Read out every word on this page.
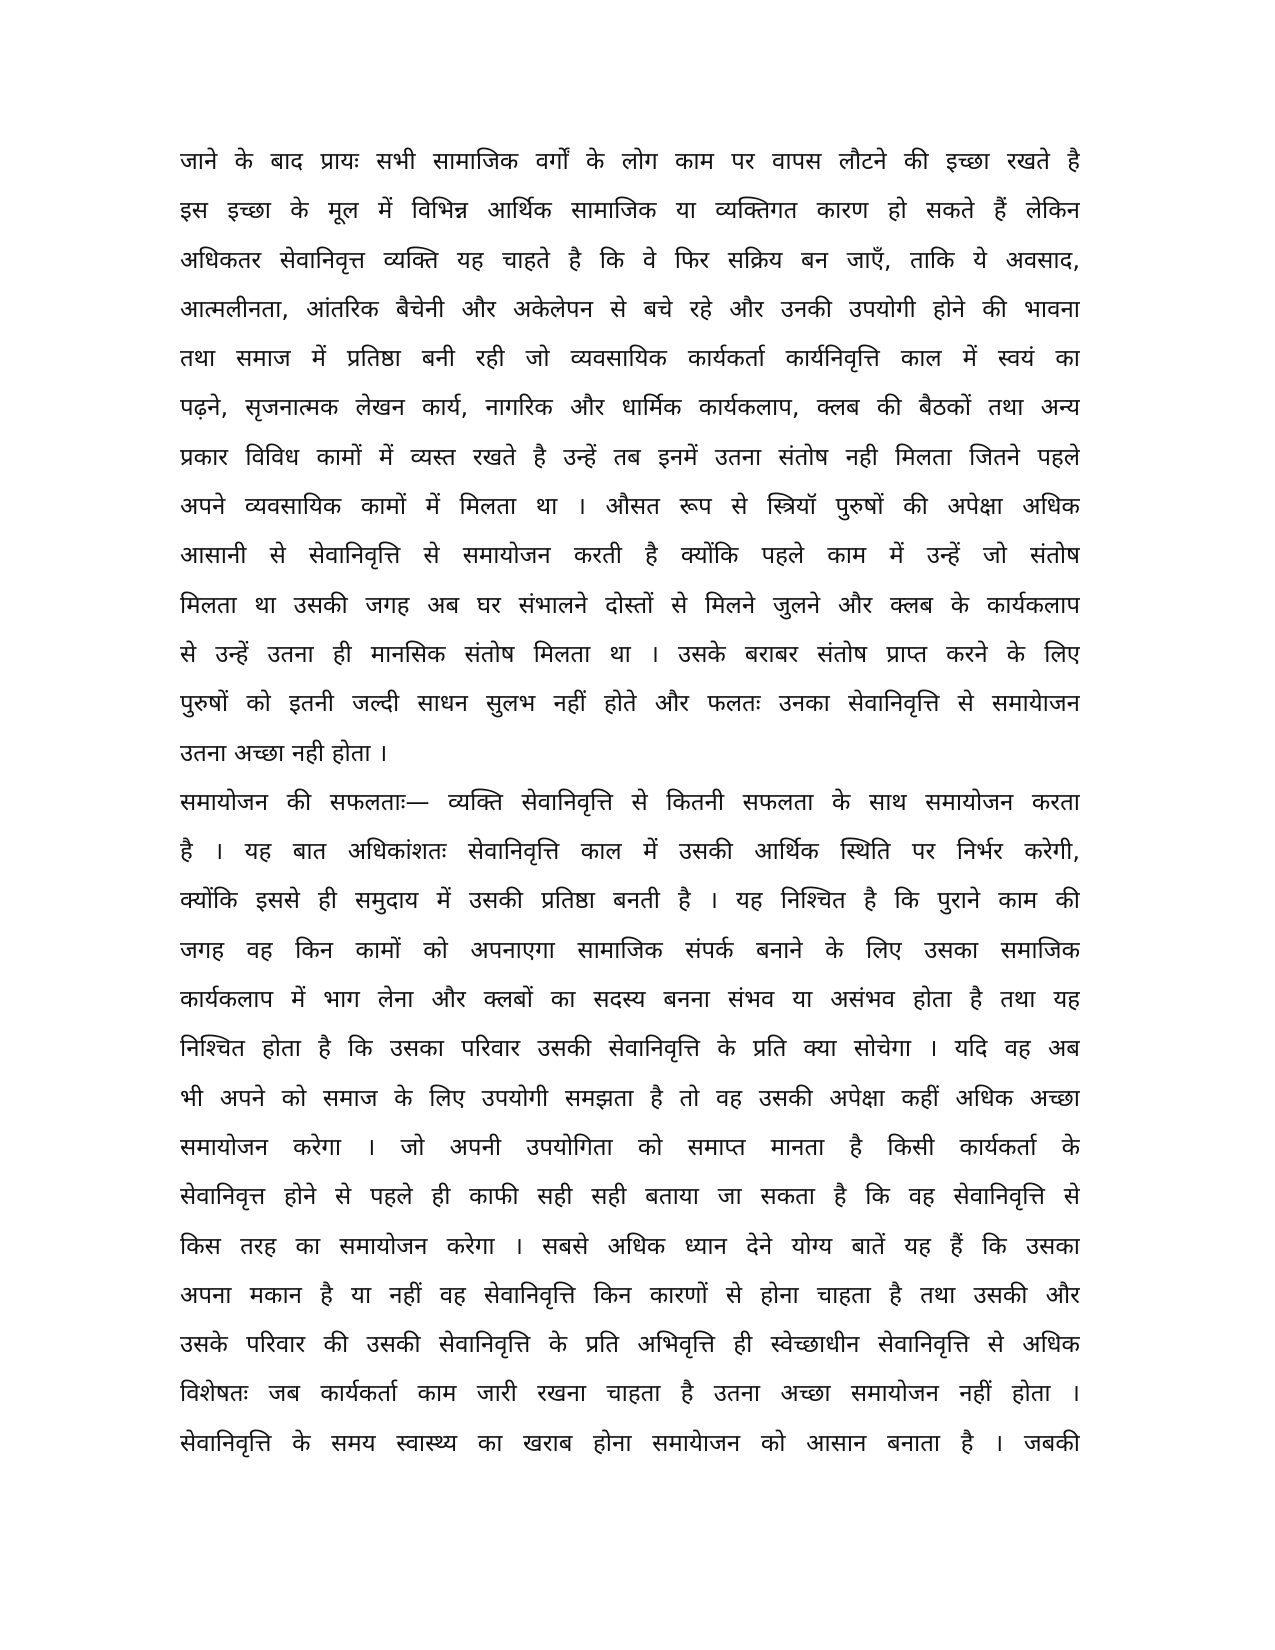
जाने के बाद प्रायः सभी सामाजिक वर्गों के लोग काम पर वापस लौटने की इच्छा रखते है
इस इच्छा के मूल में विभिन्न आर्थिक सामाजिक या व्यक्तिगत कारण हो सकते हैं लेकिन
अधिकतर सेवानिवृत्त व्यक्ति यह चाहते है कि वे फिर सक्रिय बन जाएँ, ताकि ये अवसाद,
आत्मलीनता, आंतरिक बैचेनी और अकेलेपन से बचे रहे और उनकी उपयोगी होने की भावना
तथा समाज में प्रतिष्ठा बनी रही जो व्यवसायिक कार्यकर्ता कार्यनिवृत्ति काल में स्वयं का
पढ़ने, सृजनात्मक लेखन कार्य, नागरिक और धार्मिक कार्यकलाप, क्लब की बैठकों तथा अन्य
प्रकार विविध कामों में व्यस्त रखते है उन्हें तब इनमें उतना संतोष नही मिलता जितने पहले
अपने व्यवसायिक कामों में मिलता था । औसत रूप से स्त्रियॉ पुरुषों की अपेक्षा अधिक
आसानी से सेवानिवृत्ति से समायोजन करती है क्योंकि पहले काम में उन्हें जो संतोष
मिलता था उसकी जगह अब घर संभालने दोस्तों से मिलने जुलने और क्लब के कार्यकलाप
से उन्हें उतना ही मानसिक संतोष मिलता था । उसके बराबर संतोष प्राप्त करने के लिए
पुरुषों को इतनी जल्दी साधन सुलभ नहीं होते और फलतः उनका सेवानिवृत्ति से समायेाजन
उतना अच्छा नही होता ।
समायोजन की सफलताः— व्यक्ति सेवानिवृत्ति से कितनी सफलता के साथ समायोजन करता
है । यह बात अधिकांशतः सेवानिवृत्ति काल में उसकी आर्थिक स्थिति पर निर्भर करेगी,
क्योंकि इससे ही समुदाय में उसकी प्रतिष्ठा बनती है । यह निश्चित है कि पुराने काम की
जगह वह किन कामों को अपनाएगा सामाजिक संपर्क बनाने के लिए उसका समाजिक
कार्यकलाप में भाग लेना और क्लबों का सदस्य बनना संभव या असंभव होता है तथा यह
निश्चित होता है कि उसका परिवार उसकी सेवानिवृत्ति के प्रति क्या सोचेगा । यदि वह अब
भी अपने को समाज के लिए उपयोगी समझता है तो वह उसकी अपेक्षा कहीं अधिक अच्छा
समायोजन करेगा । जो अपनी उपयोगिता को समाप्त मानता है किसी कार्यकर्ता के
सेवानिवृत्त होने से पहले ही काफी सही सही बताया जा सकता है कि वह सेवानिवृत्ति से
किस तरह का समायोजन करेगा । सबसे अधिक ध्यान देने योग्य बातें यह हैं कि उसका
अपना मकान है या नहीं वह सेवानिवृत्ति किन कारणों से होना चाहता है तथा उसकी और
उसके परिवार की उसकी सेवानिवृत्ति के प्रति अभिवृत्ति ही स्वेच्छाधीन सेवानिवृत्ति से अधिक
विशेषतः जब कार्यकर्ता काम जारी रखना चाहता है उतना अच्छा समायोजन नहीं होता ।
सेवानिवृत्ति के समय स्वास्थ्य का खराब होना समायेाजन को आसान बनाता है । जबकी
